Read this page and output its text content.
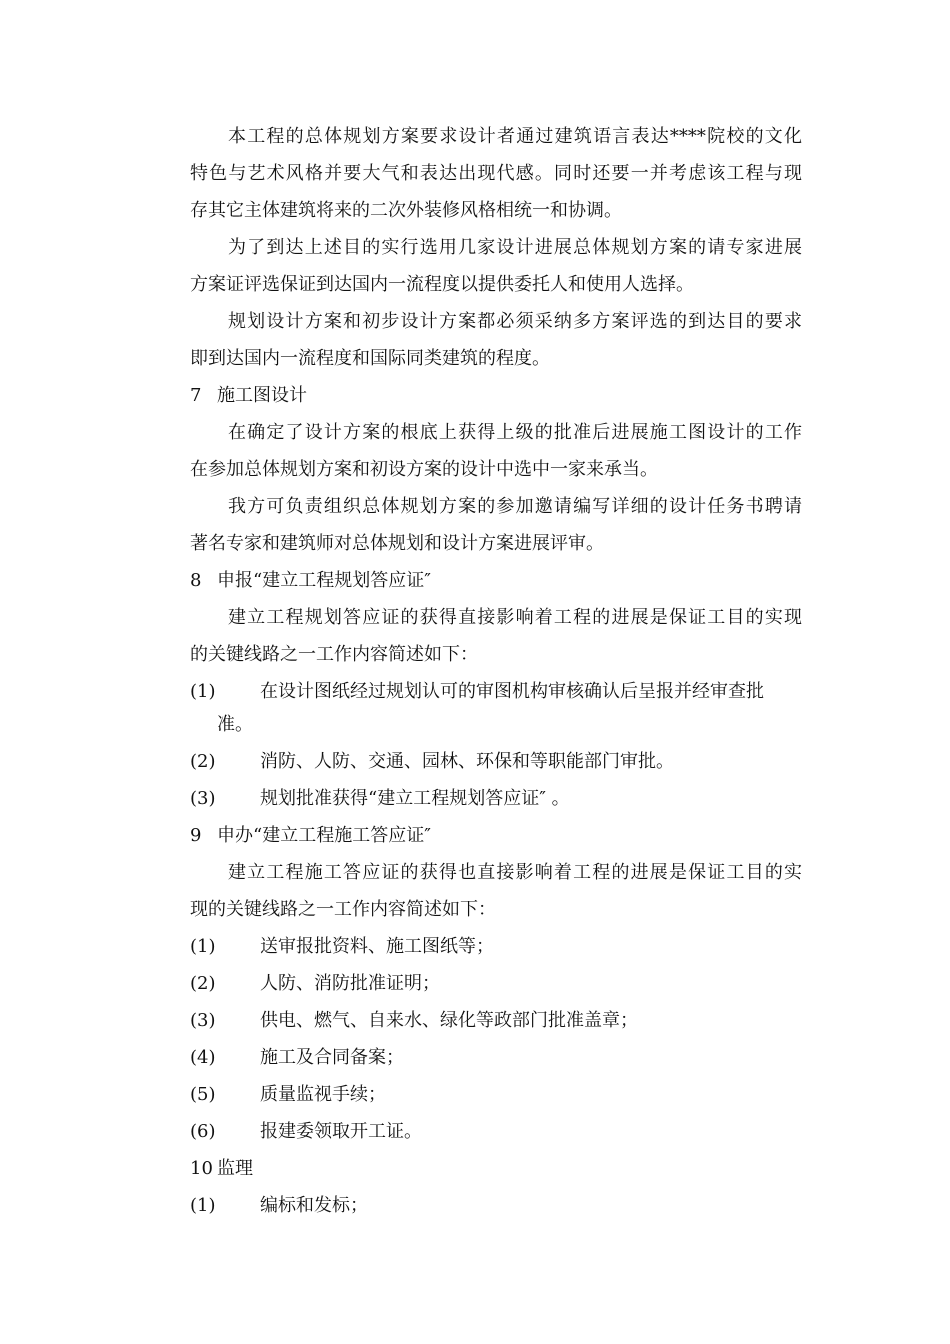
本工程的总体规划方案要求设计者通过建筑语言表达****院校的文化
特色与艺术风格并要大气和表达出现代感。同时还要一并考虑该工程与现
存其它主体建筑将来的二次外装修风格相统一和协调。
为了到达上述目的实行选用几家设计进展总体规划方案的请专家进展
方案证评选保证到达国内一流程度以提供委托人和使用人选择。
规划设计方案和初步设计方案都必须采纳多方案评选的到达目的要求
即到达国内一流程度和国际同类建筑的程度。
7 施工图设计
在确定了设计方案的根底上获得上级的批准后进展施工图设计的工作
在参加总体规划方案和初设方案的设计中选中一家来承当。
我方可负责组织总体规划方案的参加邀请编写详细的设计任务书聘请
著名专家和建筑师对总体规划和设计方案进展评审。
8 申报“建立工程规划答应证″
建立工程规划答应证的获得直接影响着工程的进展是保证工目的实现
的关键线路之一工作内容简述如下：
(1) 在设计图纸经过规划认可的审图机构审核确认后呈报并经审查批
准。
(2) 消防、人防、交通、园林、环保和等职能部门审批。
(3) 规划批准获得“建立工程规划答应证″ 。
9 申办“建立工程施工答应证″
建立工程施工答应证的获得也直接影响着工程的进展是保证工目的实
现的关键线路之一工作内容简述如下：
(1) 送审报批资料、施工图纸等；
(2) 人防、消防批准证明；
(3) 供电、燃气、自来水、绿化等政部门批准盖章；
(4) 施工及合同备案；
(5) 质量监视手续；
(6) 报建委领取开工证。
10 监理
(1) 编标和发标；
